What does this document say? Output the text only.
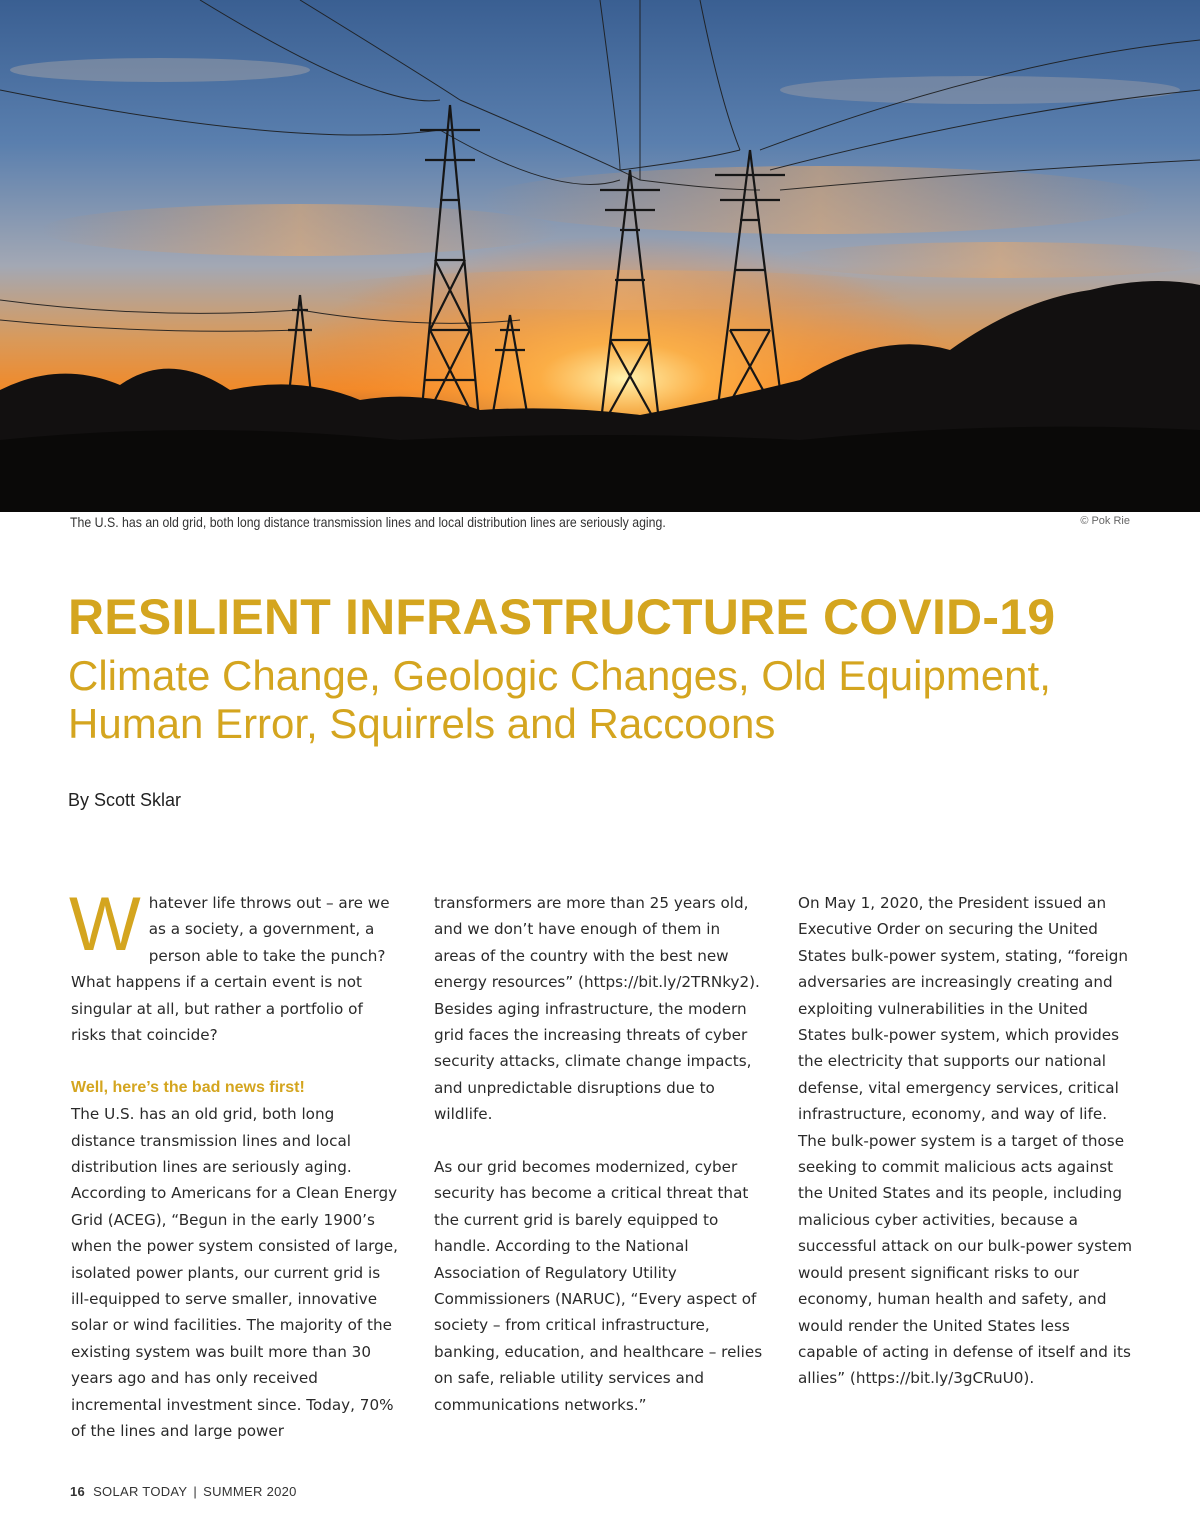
The U.S. has an old grid, both long distance transmission lines and local distribution lines are seriously aging.	© Pok Rie
RESILIENT INFRASTRUCTURE COVID-19
Climate Change, Geologic Changes, Old Equipment, Human Error, Squirrels and Raccoons
By Scott Sklar
W hatever life throws out – are we as a society, a government, a person able to take the punch? What happens if a certain event is not singular at all, but rather a portfolio of risks that coincide?

Well, here’s the bad news first!

The U.S. has an old grid, both long distance transmission lines and local distribution lines are seriously aging. According to Americans for a Clean Energy Grid (ACEG), “Begun in the early 1900’s when the power system consisted of large, isolated power plants, our current grid is ill-equipped to serve smaller, innovative solar or wind facilities. The majority of the existing system was built more than 30 years ago and has only received incremental investment since. Today, 70% of the lines and large power

transformers are more than 25 years old, and we don’t have enough of them in areas of the country with the best new energy resources” (https://bit.ly/2TRNky2). Besides aging infrastructure, the modern grid faces the increasing threats of cyber security attacks, climate change impacts, and unpredictable disruptions due to wildlife.

As our grid becomes modernized, cyber security has become a critical threat that the current grid is barely equipped to handle. According to the National Association of Regulatory Utility Commissioners (NARUC), “Every aspect of society – from critical infrastructure, banking, education, and healthcare – relies on safe, reliable utility services and communications networks.”

On May 1, 2020, the President issued an Executive Order on securing the United States bulk-power system, stating, “foreign adversaries are increasingly creating and exploiting vulnerabilities in the United States bulk-power system, which provides the electricity that supports our national defense, vital emergency services, critical infrastructure, economy, and way of life. The bulk-power system is a target of those seeking to commit malicious acts against the United States and its people, including malicious cyber activities, because a successful attack on our bulk-power system would present significant risks to our economy, human health and safety, and would render the United States less capable of acting in defense of itself and its allies” (https://bit.ly/3gCRuU0).

16 SOLAR TODAY | SUMMER 2020
